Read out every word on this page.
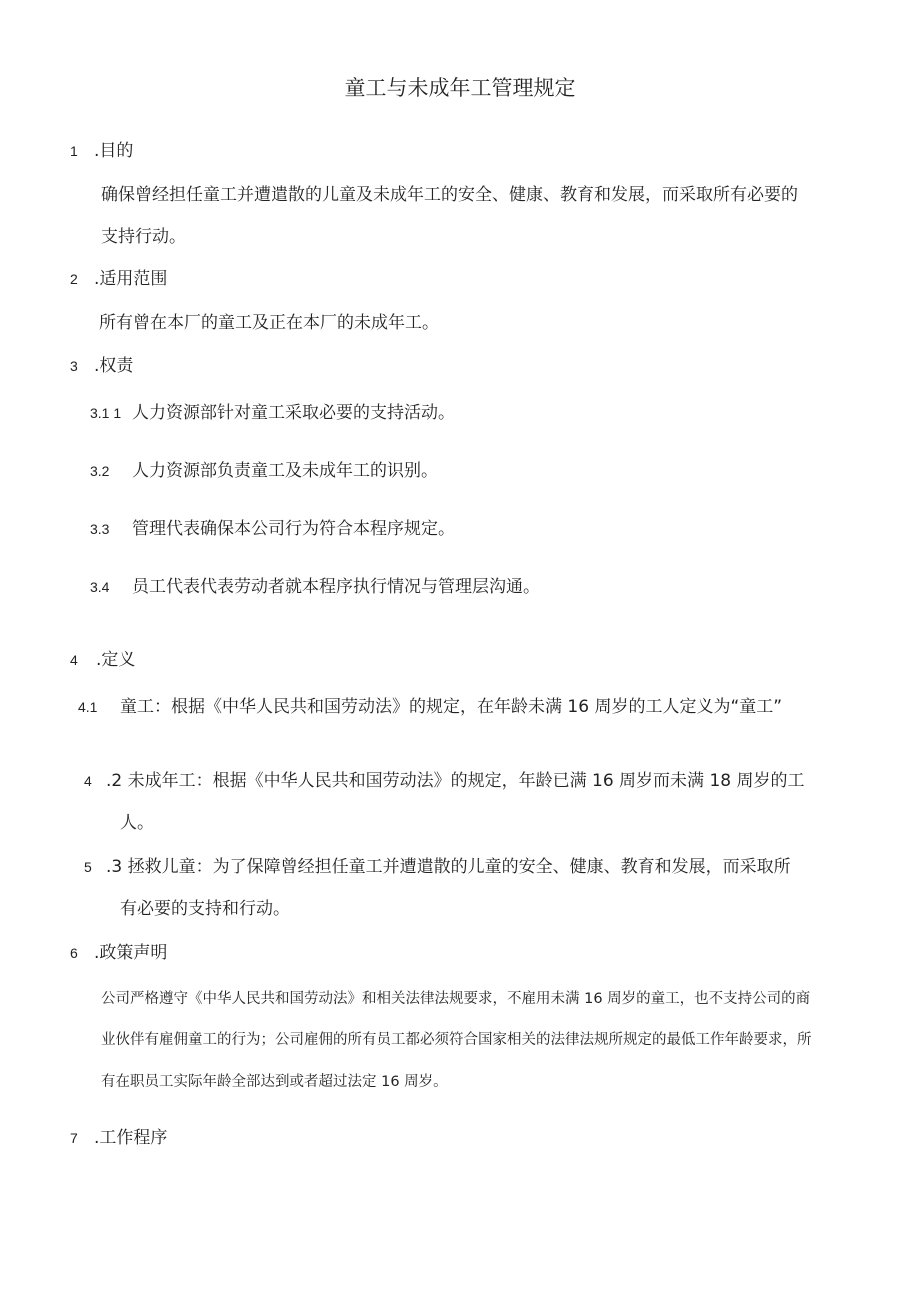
童工与未成年工管理规定
1 .目的
确保曾经担任童工并遭遣散的儿童及未成年工的安全、健康、教育和发展，而采取所有必要的
支持行动。
2 .适用范围
所有曾在本厂的童工及正在本厂的未成年工。
3 .权责
3.1 1 人力资源部针对童工采取必要的支持活动。
3.2 人力资源部负责童工及未成年工的识别。
3.3 管理代表确保本公司行为符合本程序规定。
3.4 员工代表代表劳动者就本程序执行情况与管理层沟通。
4 .定义
4.1 童工：根据《中华人民共和国劳动法》的规定，在年龄未满 16 周岁的工人定义为“童工”
4 .2 未成年工：根据《中华人民共和国劳动法》的规定，年龄已满 16 周岁而未满 18 周岁的工
人。
5 .3 拯救儿童：为了保障曾经担任童工并遭遣散的儿童的安全、健康、教育和发展，而采取所
有必要的支持和行动。
6 .政策声明
公司严格遵守《中华人民共和国劳动法》和相关法律法规要求，不雇用未满 16 周岁的童工，也不支持公司的商
业伙伴有雇佣童工的行为；公司雇佣的所有员工都必须符合国家相关的法律法规所规定的最低工作年龄要求，所
有在职员工实际年龄全部达到或者超过法定 16 周岁。
7 .工作程序
